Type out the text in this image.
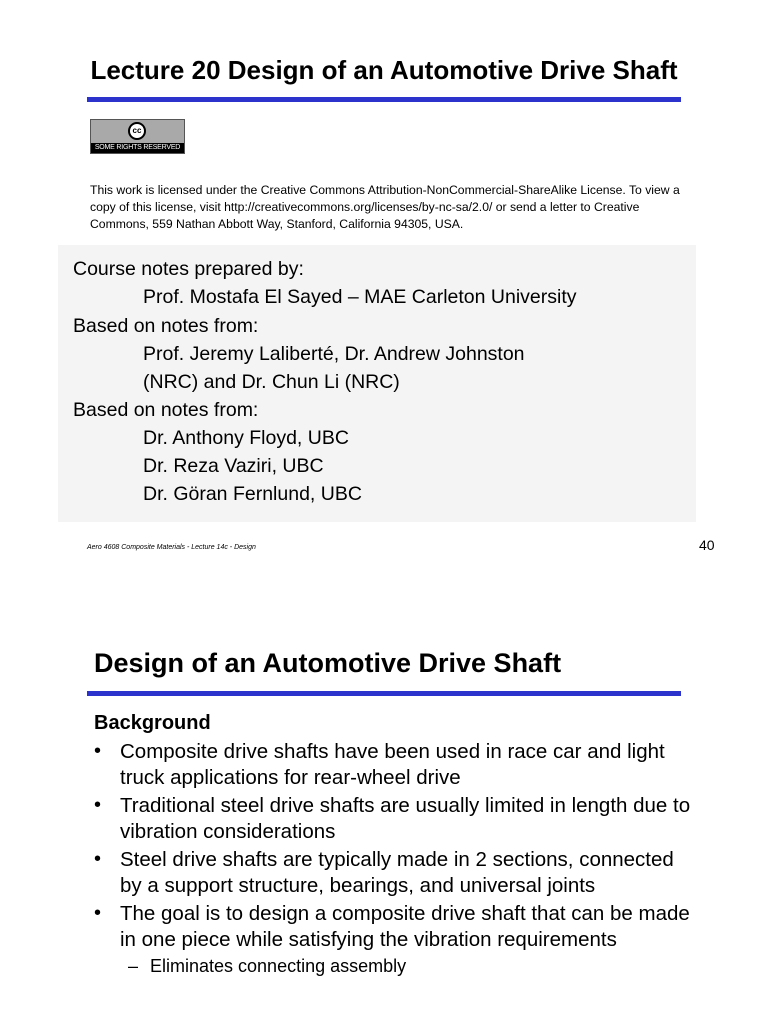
Lecture 20 Design of an Automotive Drive Shaft
cc
SOME RIGHTS RESERVED

This work is licensed under the Creative Commons Attribution-NonCommercial-ShareAlike License. To view a copy of this license, visit http://creativecommons.org/licenses/by-nc-sa/2.0/ or send a letter to Creative Commons, 559 Nathan Abbott Way, Stanford, California 94305, USA.

Course notes prepared by:
Prof. Mostafa El Sayed – MAE Carleton University
Based on notes from:
Prof. Jeremy Laliberté, Dr. Andrew Johnston
(NRC) and Dr. Chun Li (NRC)
Based on notes from:
Dr. Anthony Floyd, UBC
Dr. Reza Vaziri, UBC
Dr. Göran Fernlund, UBC
Aero 4608 Composite Materials - Lecture 14c - Design	40
Design of an Automotive Drive Shaft
Background
• Composite drive shafts have been used in race car and light truck applications for rear-wheel drive
• Traditional steel drive shafts are usually limited in length due to vibration considerations
• Steel drive shafts are typically made in 2 sections, connected by a support structure, bearings, and universal joints
• The goal is to design a composite drive shaft that can be made in one piece while satisfying the vibration requirements
– Eliminates connecting assembly
